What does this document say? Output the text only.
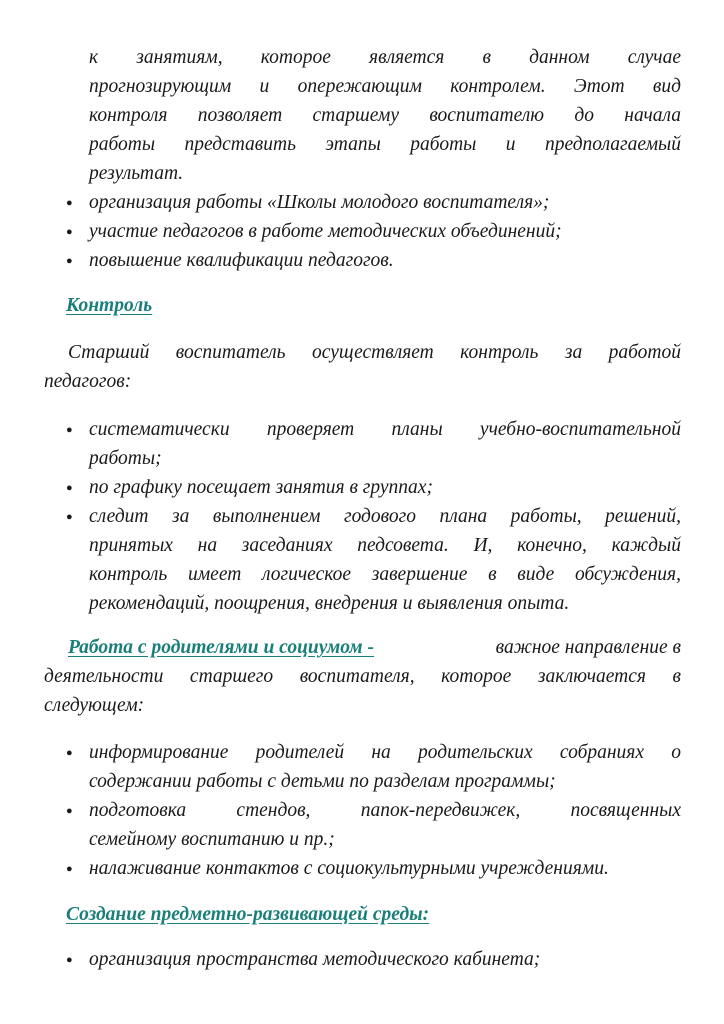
к занятиям, которое является в данном случае
прогнозирующим и опережающим контролем. Этот вид
контроля позволяет старшему воспитателю до начала
работы представить этапы работы и предполагаемый
результат.
● организация работы «Школы молодого воспитателя»;
● участие педагогов в работе методических объединений;
● повышение квалификации педагогов.
Контроль
Старший воспитатель осуществляет контроль за работой
педагогов:
● систематически проверяет планы учебно-воспитательной
работы;
● по графику посещает занятия в группах;
● следит за выполнением годового плана работы, решений,
принятых на заседаниях педсовета. И, конечно, каждый
контроль имеет логическое завершение в виде обсуждения,
рекомендаций, поощрения, внедрения и выявления опыта.
Работа с родителями и социумом -	важное направление в
деятельности старшего воспитателя, которое заключается в
следующем:
● информирование родителей на родительских собраниях о
содержании работы с детьми по разделам программы;
● подготовка стендов, папок-передвижек, посвященных
семейному воспитанию и пр.;
● налаживание контактов с социокультурными учреждениями.
Создание предметно-развивающей среды:
● организация пространства методического кабинета;
